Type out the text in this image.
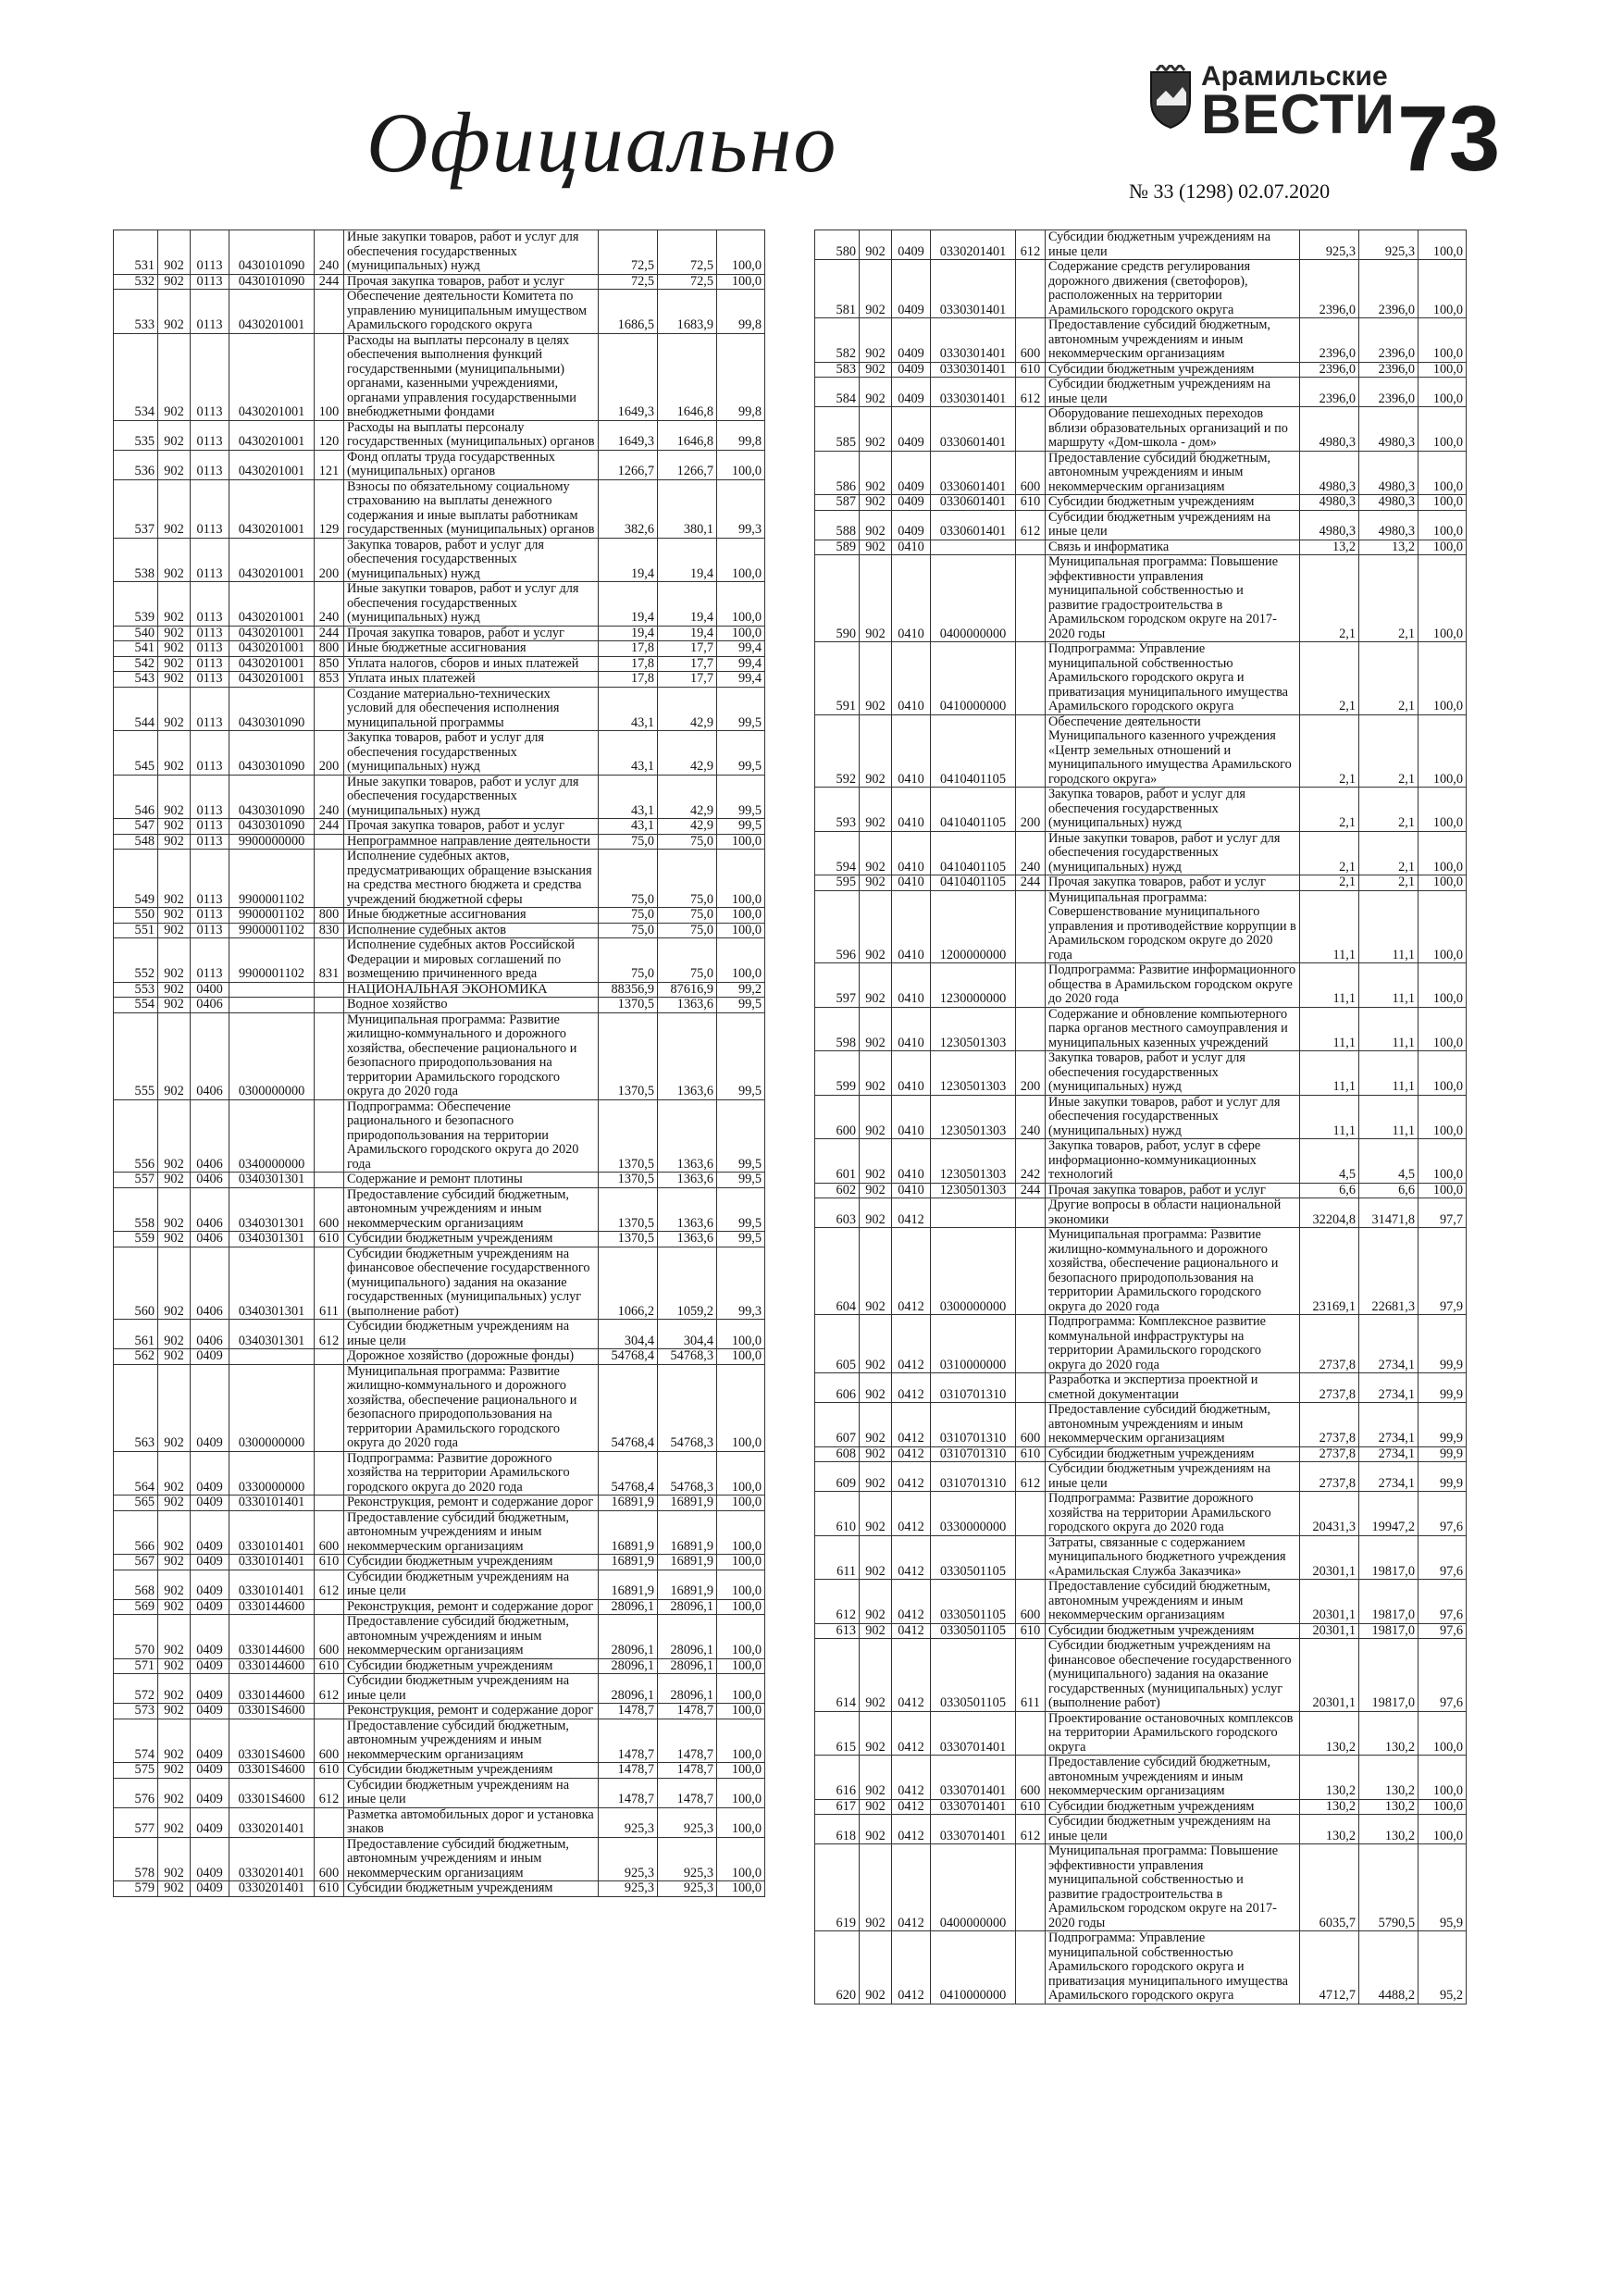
Официально
Арамильские
ВЕСТИ
№ 33 (1298) 02.07.2020
73
531	902	0113	0430101090	240	Иные закупки товаров, работ и услуг для обеспечения государственных (муниципальных) нужд	72,5	72,5	100,0
532	902	0113	0430101090	244	Прочая закупка товаров, работ и услуг	72,5	72,5	100,0
533	902	0113	0430201001		Обеспечение деятельности Комитета по управлению муниципальным имуществом Арамильского городского округа	1686,5	1683,9	99,8
534	902	0113	0430201001	100	Расходы на выплаты персоналу в целях обеспечения выполнения функций государственными (муниципальными) органами, казенными учреждениями, органами управления государственными внебюджетными фондами	1649,3	1646,8	99,8
535	902	0113	0430201001	120	Расходы на выплаты персоналу государственных (муниципальных) органов	1649,3	1646,8	99,8
536	902	0113	0430201001	121	Фонд оплаты труда государственных (муниципальных) органов	1266,7	1266,7	100,0
537	902	0113	0430201001	129	Взносы по обязательному социальному страхованию на выплаты денежного содержания и иные выплаты работникам государственных (муниципальных) органов	382,6	380,1	99,3
538	902	0113	0430201001	200	Закупка товаров, работ и услуг для обеспечения государственных (муниципальных) нужд	19,4	19,4	100,0
539	902	0113	0430201001	240	Иные закупки товаров, работ и услуг для обеспечения государственных (муниципальных) нужд	19,4	19,4	100,0
540	902	0113	0430201001	244	Прочая закупка товаров, работ и услуг	19,4	19,4	100,0
541	902	0113	0430201001	800	Иные бюджетные ассигнования	17,8	17,7	99,4
542	902	0113	0430201001	850	Уплата налогов, сборов и иных платежей	17,8	17,7	99,4
543	902	0113	0430201001	853	Уплата иных платежей	17,8	17,7	99,4
544	902	0113	0430301090		Создание материально-технических условий для обеспечения исполнения муниципальной программы	43,1	42,9	99,5
545	902	0113	0430301090	200	Закупка товаров, работ и услуг для обеспечения государственных (муниципальных) нужд	43,1	42,9	99,5
546	902	0113	0430301090	240	Иные закупки товаров, работ и услуг для обеспечения государственных (муниципальных) нужд	43,1	42,9	99,5
547	902	0113	0430301090	244	Прочая закупка товаров, работ и услуг	43,1	42,9	99,5
548	902	0113	9900000000		Непрограммное направление деятельности	75,0	75,0	100,0
549	902	0113	9900001102		Исполнение судебных актов, предусматривающих обращение взыскания на средства местного бюджета и средства учреждений бюджетной сферы	75,0	75,0	100,0
550	902	0113	9900001102	800	Иные бюджетные ассигнования	75,0	75,0	100,0
551	902	0113	9900001102	830	Исполнение судебных актов	75,0	75,0	100,0
552	902	0113	9900001102	831	Исполнение судебных актов Российской Федерации и мировых соглашений по возмещению причиненного вреда	75,0	75,0	100,0
553	902	0400			НАЦИОНАЛЬНАЯ ЭКОНОМИКА	88356,9	87616,9	99,2
554	902	0406			Водное хозяйство	1370,5	1363,6	99,5
555	902	0406	0300000000		Муниципальная программа: Развитие жилищно-коммунального и дорожного хозяйства, обеспечение рационального и безопасного природопользования на территории Арамильского городского округа до 2020 года	1370,5	1363,6	99,5
556	902	0406	0340000000		Подпрограмма: Обеспечение рационального и безопасного природопользования на территории Арамильского городского округа до 2020 года	1370,5	1363,6	99,5
557	902	0406	0340301301		Содержание и ремонт плотины	1370,5	1363,6	99,5
558	902	0406	0340301301	600	Предоставление субсидий бюджетным, автономным учреждениям и иным некоммерческим организациям	1370,5	1363,6	99,5
559	902	0406	0340301301	610	Субсидии бюджетным учреждениям	1370,5	1363,6	99,5
560	902	0406	0340301301	611	Субсидии бюджетным учреждениям на финансовое обеспечение государственного (муниципального) задания на оказание государственных (муниципальных) услуг (выполнение работ)	1066,2	1059,2	99,3
561	902	0406	0340301301	612	Субсидии бюджетным учреждениям на иные цели	304,4	304,4	100,0
562	902	0409			Дорожное хозяйство (дорожные фонды)	54768,4	54768,3	100,0
563	902	0409	0300000000		Муниципальная программа: Развитие жилищно-коммунального и дорожного хозяйства, обеспечение рационального и безопасного природопользования на территории Арамильского городского округа до 2020 года	54768,4	54768,3	100,0
564	902	0409	0330000000		Подпрограмма: Развитие дорожного хозяйства на территории Арамильского городского округа до 2020 года	54768,4	54768,3	100,0
565	902	0409	0330101401		Реконструкция, ремонт и содержание дорог	16891,9	16891,9	100,0
566	902	0409	0330101401	600	Предоставление субсидий бюджетным, автономным учреждениям и иным некоммерческим организациям	16891,9	16891,9	100,0
567	902	0409	0330101401	610	Субсидии бюджетным учреждениям	16891,9	16891,9	100,0
568	902	0409	0330101401	612	Субсидии бюджетным учреждениям на иные цели	16891,9	16891,9	100,0
569	902	0409	0330144600		Реконструкция, ремонт и содержание дорог	28096,1	28096,1	100,0
570	902	0409	0330144600	600	Предоставление субсидий бюджетным, автономным учреждениям и иным некоммерческим организациям	28096,1	28096,1	100,0
571	902	0409	0330144600	610	Субсидии бюджетным учреждениям	28096,1	28096,1	100,0
572	902	0409	0330144600	612	Субсидии бюджетным учреждениям на иные цели	28096,1	28096,1	100,0
573	902	0409	03301S4600		Реконструкция, ремонт и содержание дорог	1478,7	1478,7	100,0
574	902	0409	03301S4600	600	Предоставление субсидий бюджетным, автономным учреждениям и иным некоммерческим организациям	1478,7	1478,7	100,0
575	902	0409	03301S4600	610	Субсидии бюджетным учреждениям	1478,7	1478,7	100,0
576	902	0409	03301S4600	612	Субсидии бюджетным учреждениям на иные цели	1478,7	1478,7	100,0
577	902	0409	0330201401		Разметка автомобильных дорог и установка знаков	925,3	925,3	100,0
578	902	0409	0330201401	600	Предоставление субсидий бюджетным, автономным учреждениям и иным некоммерческим организациям	925,3	925,3	100,0
579	902	0409	0330201401	610	Субсидии бюджетным учреждениям	925,3	925,3	100,0
580	902	0409	0330201401	612	Субсидии бюджетным учреждениям на иные цели	925,3	925,3	100,0
581	902	0409	0330301401		Содержание средств регулирования дорожного движения (светофоров), расположенных на территории Арамильского городского округа	2396,0	2396,0	100,0
582	902	0409	0330301401	600	Предоставление субсидий бюджетным, автономным учреждениям и иным некоммерческим организациям	2396,0	2396,0	100,0
583	902	0409	0330301401	610	Субсидии бюджетным учреждениям	2396,0	2396,0	100,0
584	902	0409	0330301401	612	Субсидии бюджетным учреждениям на иные цели	2396,0	2396,0	100,0
585	902	0409	0330601401		Оборудование пешеходных переходов вблизи образовательных организаций и по маршруту «Дом-школа - дом»	4980,3	4980,3	100,0
586	902	0409	0330601401	600	Предоставление субсидий бюджетным, автономным учреждениям и иным некоммерческим организациям	4980,3	4980,3	100,0
587	902	0409	0330601401	610	Субсидии бюджетным учреждениям	4980,3	4980,3	100,0
588	902	0409	0330601401	612	Субсидии бюджетным учреждениям на иные цели	4980,3	4980,3	100,0
589	902	0410			Связь и информатика	13,2	13,2	100,0
590	902	0410	0400000000		Муниципальная программа: Повышение эффективности управления муниципальной собственностью и развитие градостроительства в Арамильском городском округе на 2017-2020 годы	2,1	2,1	100,0
591	902	0410	0410000000		Подпрограмма: Управление муниципальной собственностью Арамильского городского округа и приватизация муниципального имущества Арамильского городского округа	2,1	2,1	100,0
592	902	0410	0410401105		Обеспечение деятельности Муниципального казенного учреждения «Центр земельных отношений и муниципального имущества Арамильского городского округа»	2,1	2,1	100,0
593	902	0410	0410401105	200	Закупка товаров, работ и услуг для обеспечения государственных (муниципальных) нужд	2,1	2,1	100,0
594	902	0410	0410401105	240	Иные закупки товаров, работ и услуг для обеспечения государственных (муниципальных) нужд	2,1	2,1	100,0
595	902	0410	0410401105	244	Прочая закупка товаров, работ и услуг	2,1	2,1	100,0
596	902	0410	1200000000		Муниципальная программа: Совершенствование муниципального управления и противодействие коррупции в Арамильском городском округе до 2020 года	11,1	11,1	100,0
597	902	0410	1230000000		Подпрограмма: Развитие информационного общества в Арамильском городском округе до 2020 года	11,1	11,1	100,0
598	902	0410	1230501303		Содержание и обновление компьютерного парка органов местного самоуправления и муниципальных казенных учреждений	11,1	11,1	100,0
599	902	0410	1230501303	200	Закупка товаров, работ и услуг для обеспечения государственных (муниципальных) нужд	11,1	11,1	100,0
600	902	0410	1230501303	240	Иные закупки товаров, работ и услуг для обеспечения государственных (муниципальных) нужд	11,1	11,1	100,0
601	902	0410	1230501303	242	Закупка товаров, работ, услуг в сфере информационно-коммуникационных технологий	4,5	4,5	100,0
602	902	0410	1230501303	244	Прочая закупка товаров, работ и услуг	6,6	6,6	100,0
603	902	0412			Другие вопросы в области национальной экономики	32204,8	31471,8	97,7
604	902	0412	0300000000		Муниципальная программа: Развитие жилищно-коммунального и дорожного хозяйства, обеспечение рационального и безопасного природопользования на территории Арамильского городского округа до 2020 года	23169,1	22681,3	97,9
605	902	0412	0310000000		Подпрограмма: Комплексное развитие коммунальной инфраструктуры на территории Арамильского городского округа до 2020 года	2737,8	2734,1	99,9
606	902	0412	0310701310		Разработка и экспертиза проектной и сметной документации	2737,8	2734,1	99,9
607	902	0412	0310701310	600	Предоставление субсидий бюджетным, автономным учреждениям и иным некоммерческим организациям	2737,8	2734,1	99,9
608	902	0412	0310701310	610	Субсидии бюджетным учреждениям	2737,8	2734,1	99,9
609	902	0412	0310701310	612	Субсидии бюджетным учреждениям на иные цели	2737,8	2734,1	99,9
610	902	0412	0330000000		Подпрограмма: Развитие дорожного хозяйства на территории Арамильского городского округа до 2020 года	20431,3	19947,2	97,6
611	902	0412	0330501105		Затраты, связанные с содержанием муниципального бюджетного учреждения «Арамильская Служба Заказчика»	20301,1	19817,0	97,6
612	902	0412	0330501105	600	Предоставление субсидий бюджетным, автономным учреждениям и иным некоммерческим организациям	20301,1	19817,0	97,6
613	902	0412	0330501105	610	Субсидии бюджетным учреждениям	20301,1	19817,0	97,6
614	902	0412	0330501105	611	Субсидии бюджетным учреждениям на финансовое обеспечение государственного (муниципального) задания на оказание государственных (муниципальных) услуг (выполнение работ)	20301,1	19817,0	97,6
615	902	0412	0330701401		Проектирование остановочных комплексов на территории Арамильского городского округа	130,2	130,2	100,0
616	902	0412	0330701401	600	Предоставление субсидий бюджетным, автономным учреждениям и иным некоммерческим организациям	130,2	130,2	100,0
617	902	0412	0330701401	610	Субсидии бюджетным учреждениям	130,2	130,2	100,0
618	902	0412	0330701401	612	Субсидии бюджетным учреждениям на иные цели	130,2	130,2	100,0
619	902	0412	0400000000		Муниципальная программа: Повышение эффективности управления муниципальной собственностью и развитие градостроительства в Арамильском городском округе на 2017-2020 годы	6035,7	5790,5	95,9
620	902	0412	0410000000		Подпрограмма: Управление муниципальной собственностью Арамильского городского округа и приватизация муниципального имущества Арамильского городского округа	4712,7	4488,2	95,2
